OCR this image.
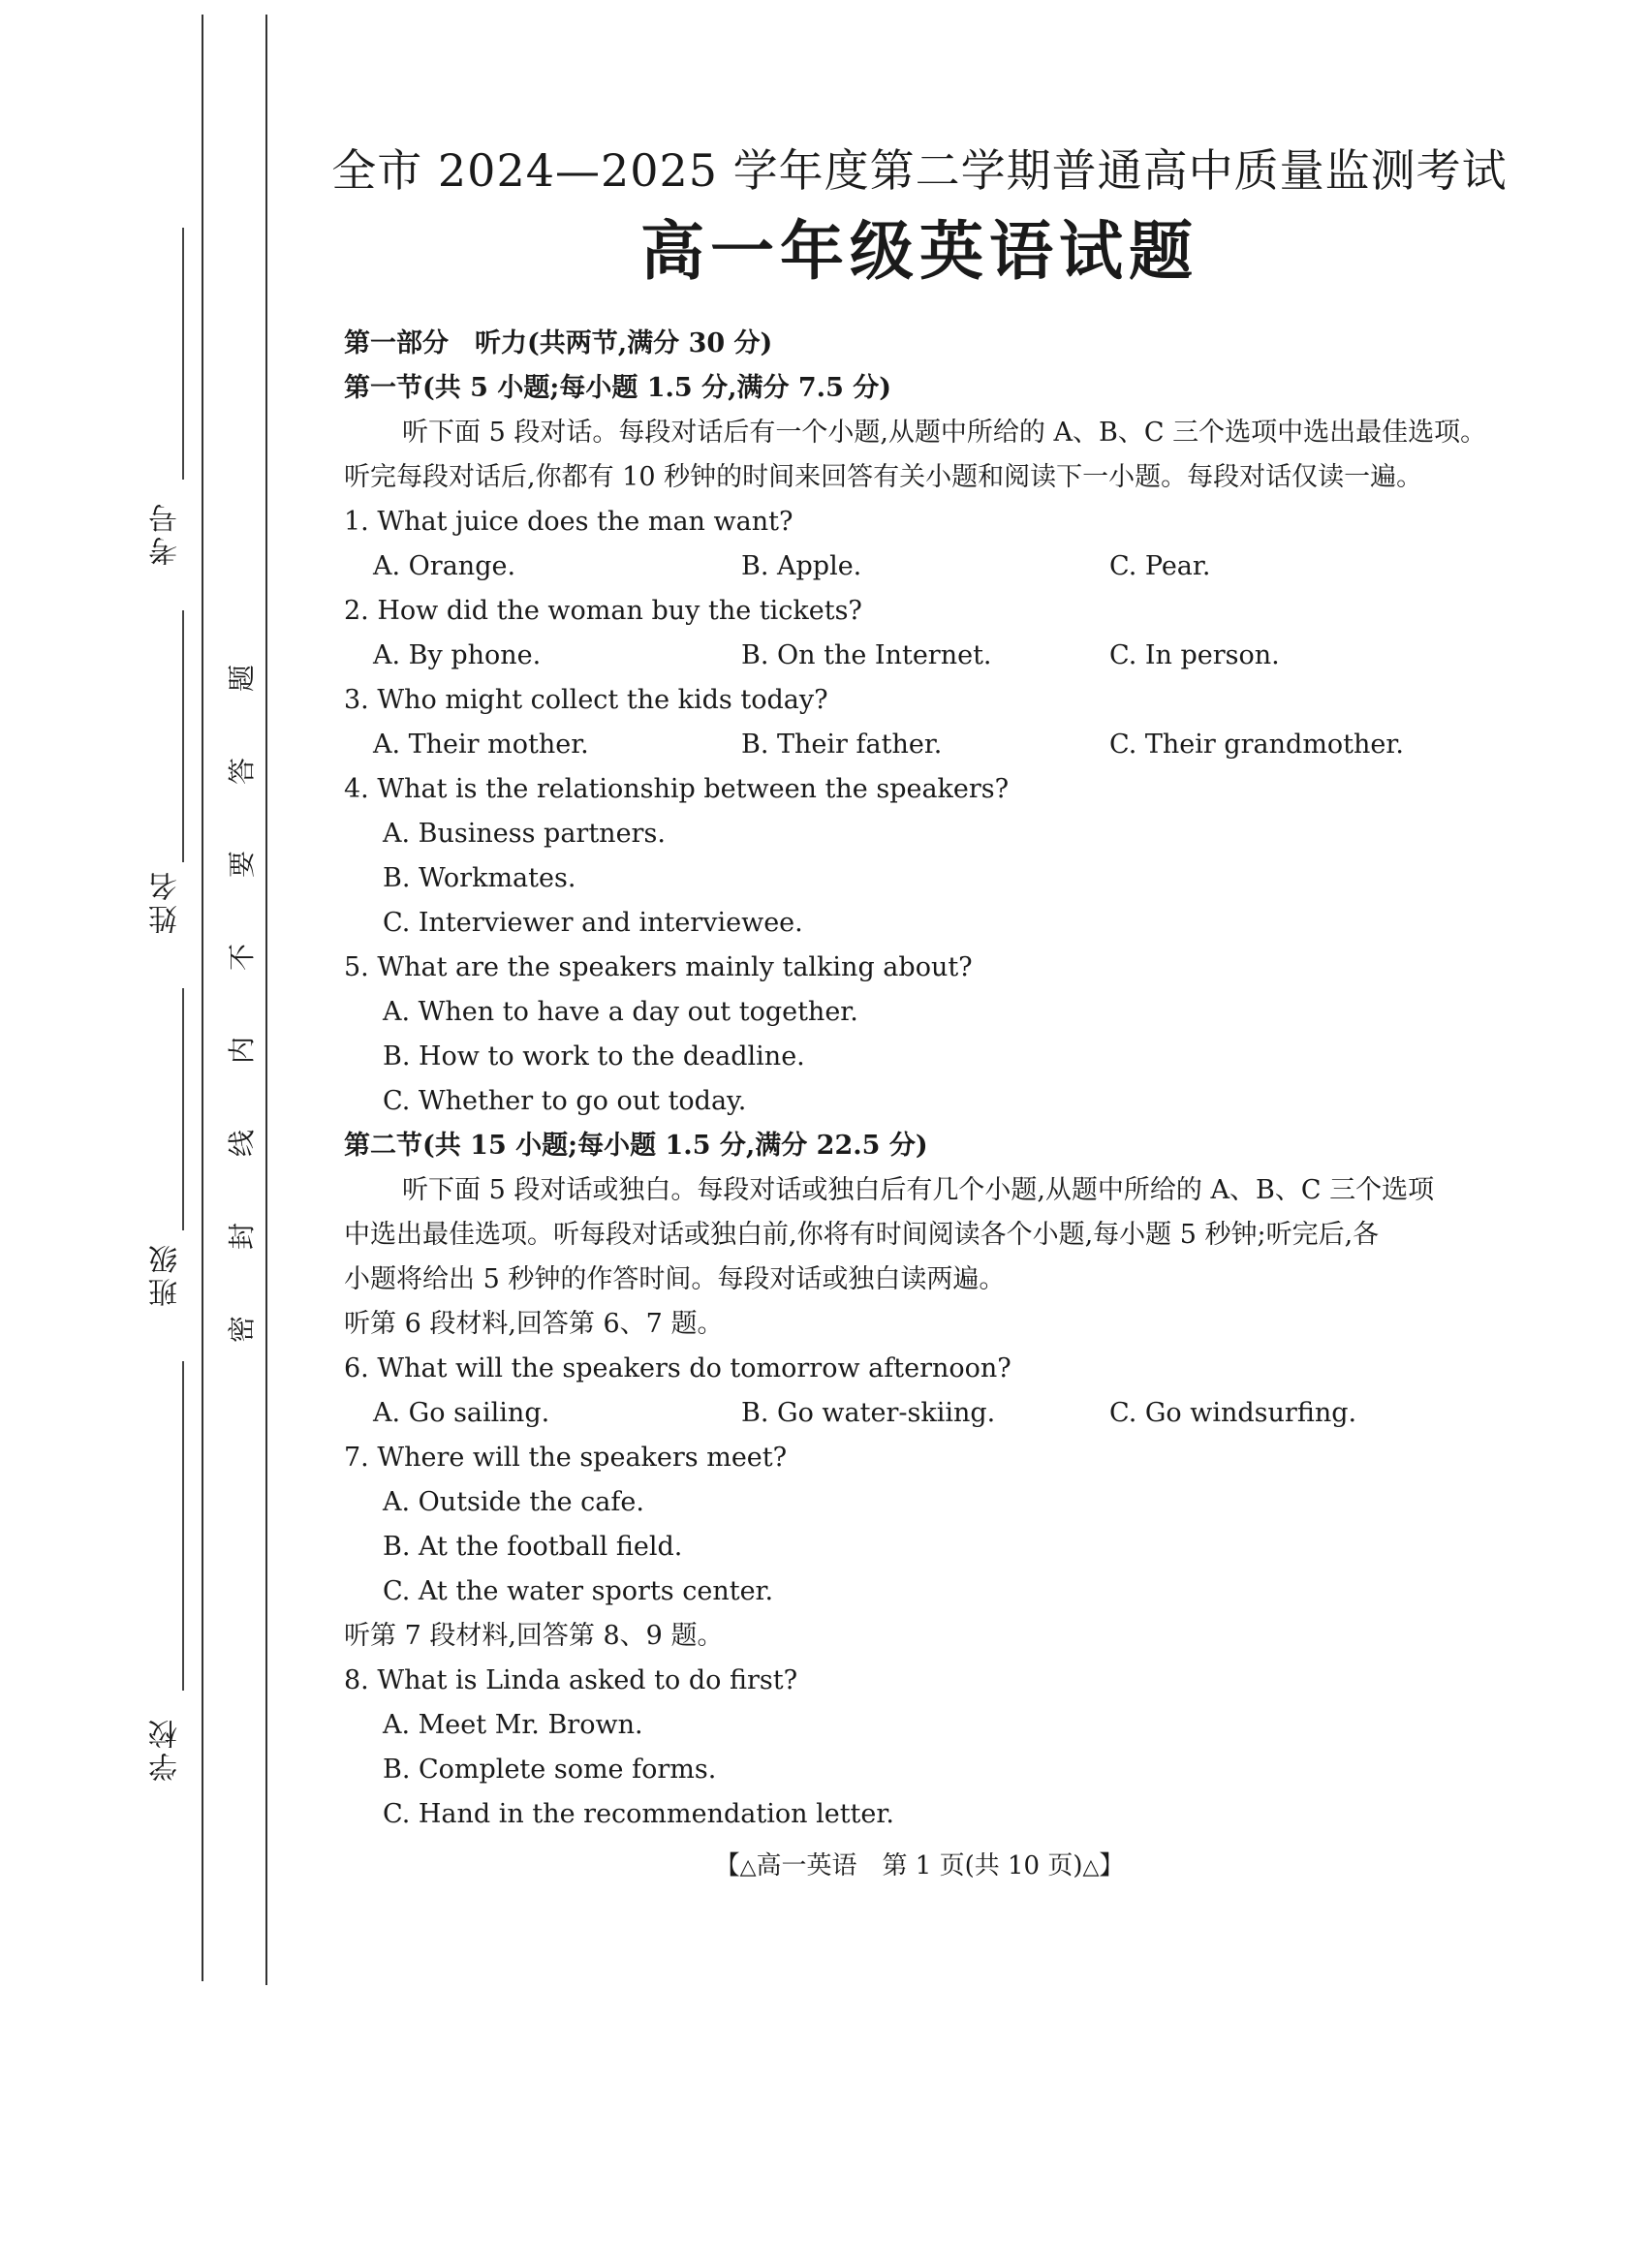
考号
姓名
班级
学校
题
答
要
不
内
线
封
密
全市 2024—2025 学年度第二学期普通高中质量监测考试
高一年级英语试题
第一部分　听力(共两节,满分 30 分)
第一节(共 5 小题;每小题 1.5 分,满分 7.5 分)
听下面 5 段对话。每段对话后有一个小题,从题中所给的 A、B、C 三个选项中选出最佳选项。
听完每段对话后,你都有 10 秒钟的时间来回答有关小题和阅读下一小题。每段对话仅读一遍。
1. What juice does the man want?
A. Orange.	B. Apple.	C. Pear.
2. How did the woman buy the tickets?
A. By phone.	B. On the Internet.	C. In person.
3. Who might collect the kids today?
A. Their mother.	B. Their father.	C. Their grandmother.
4. What is the relationship between the speakers?
A. Business partners.
B. Workmates.
C. Interviewer and interviewee.
5. What are the speakers mainly talking about?
A. When to have a day out together.
B. How to work to the deadline.
C. Whether to go out today.
第二节(共 15 小题;每小题 1.5 分,满分 22.5 分)
听下面 5 段对话或独白。每段对话或独白后有几个小题,从题中所给的 A、B、C 三个选项
中选出最佳选项。听每段对话或独白前,你将有时间阅读各个小题,每小题 5 秒钟;听完后,各
小题将给出 5 秒钟的作答时间。每段对话或独白读两遍。
听第 6 段材料,回答第 6、7 题。
6. What will the speakers do tomorrow afternoon?
A. Go sailing.	B. Go water-skiing.	C. Go windsurfing.
7. Where will the speakers meet?
A. Outside the cafe.
B. At the football field.
C. At the water sports center.
听第 7 段材料,回答第 8、9 题。
8. What is Linda asked to do first?
A. Meet Mr. Brown.
B. Complete some forms.
C. Hand in the recommendation letter.
【△高一英语　第 1 页(共 10 页)△】
